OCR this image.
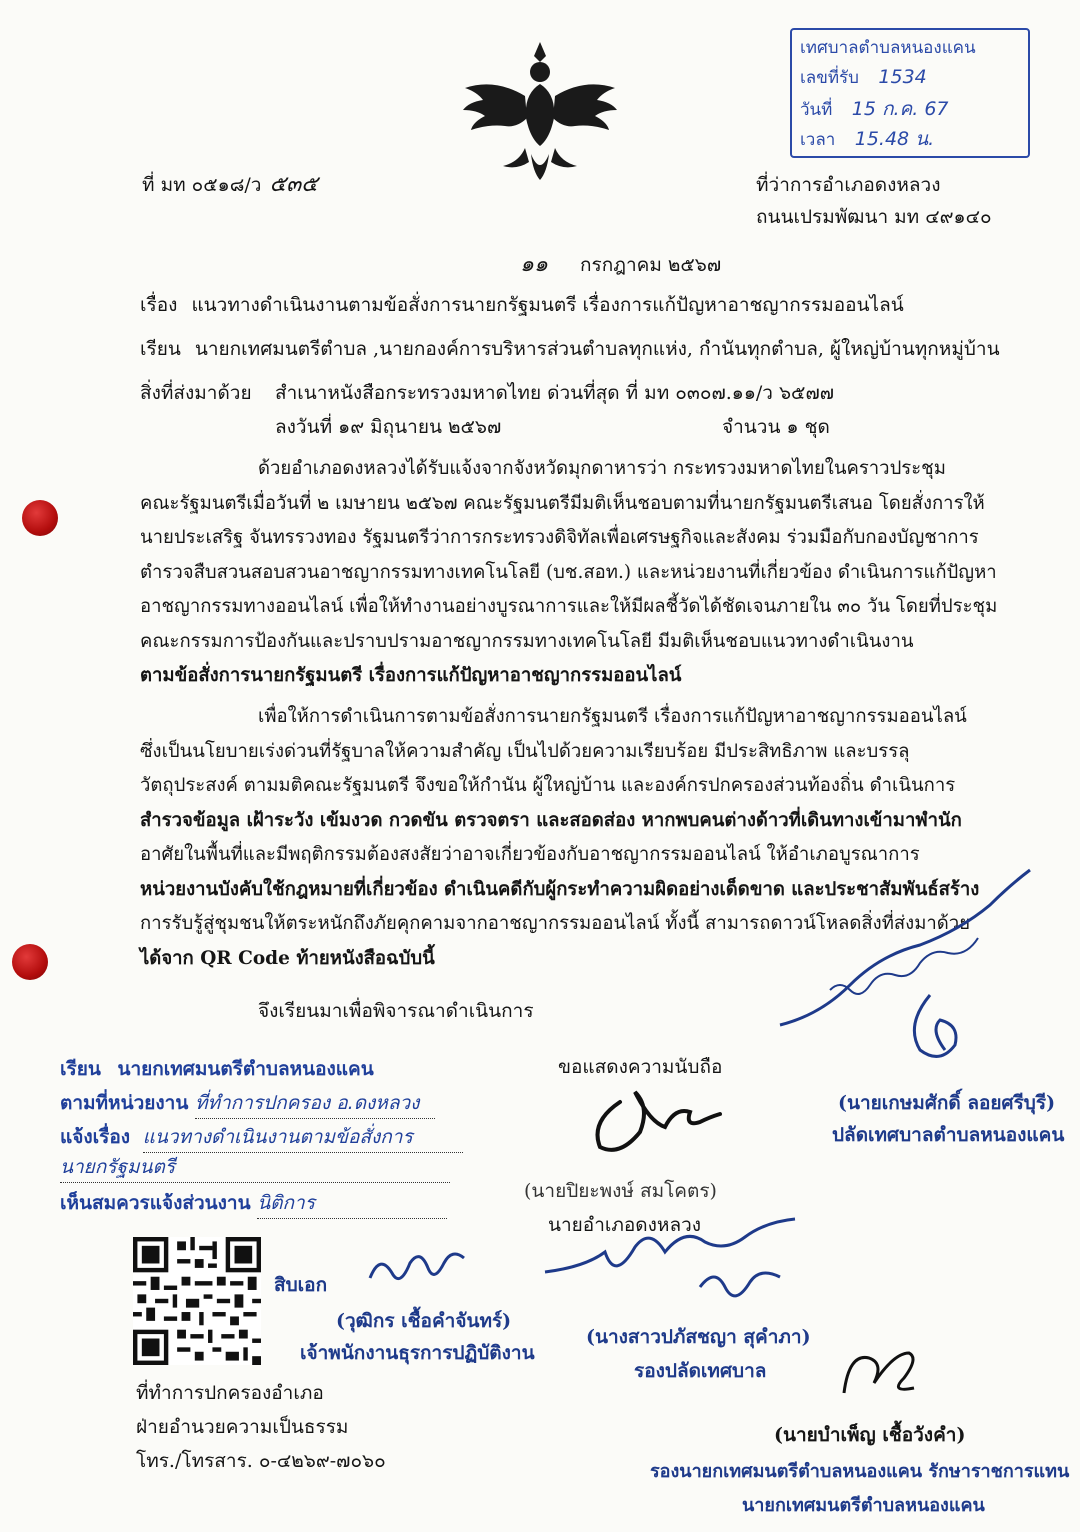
เทศบาลตำบลหนองแคน
เลขที่รับ 1534
วันที่ 15 ก.ค. 67
เวลา 15.48 น.
ที่ มท ๐๕๑๘/ว ๕๓๕	ที่ว่าการอำเภอดงหลวง
ถนนเปรมพัฒนา มท ๔๙๑๔๐
๑๑ กรกฎาคม ๒๕๖๗
เรื่อง แนวทางดำเนินงานตามข้อสั่งการนายกรัฐมนตรี เรื่องการแก้ปัญหาอาชญากรรมออนไลน์
เรียน นายกเทศมนตรีตำบล ,นายกองค์การบริหารส่วนตำบลทุกแห่ง, กำนันทุกตำบล, ผู้ใหญ่บ้านทุกหมู่บ้าน
สิ่งที่ส่งมาด้วย สำเนาหนังสือกระทรวงมหาดไทย ด่วนที่สุด ที่ มท ๐๓๐๗.๑๑/ว ๖๕๗๗
ลงวันที่ ๑๙ มิถุนายน ๒๕๖๗	จำนวน ๑ ชุด

ด้วยอำเภอดงหลวงได้รับแจ้งจากจังหวัดมุกดาหารว่า กระทรวงมหาดไทยในคราวประชุม

คณะรัฐมนตรีเมื่อวันที่ ๒ เมษายน ๒๕๖๗ คณะรัฐมนตรีมีมติเห็นชอบตามที่นายกรัฐมนตรีเสนอ โดยสั่งการให้

นายประเสริฐ จันทรรวงทอง รัฐมนตรีว่าการกระทรวงดิจิทัลเพื่อเศรษฐกิจและสังคม ร่วมมือกับกองบัญชาการ

ตำรวจสืบสวนสอบสวนอาชญากรรมทางเทคโนโลยี (บช.สอท.) และหน่วยงานที่เกี่ยวข้อง ดำเนินการแก้ปัญหา

อาชญากรรมทางออนไลน์ เพื่อให้ทำงานอย่างบูรณาการและให้มีผลชี้วัดได้ชัดเจนภายใน ๓๐ วัน โดยที่ประชุม

คณะกรรมการป้องกันและปราบปรามอาชญากรรมทางเทคโนโลยี มีมติเห็นชอบแนวทางดำเนินงาน

ตามข้อสั่งการนายกรัฐมนตรี เรื่องการแก้ปัญหาอาชญากรรมออนไลน์

เพื่อให้การดำเนินการตามข้อสั่งการนายกรัฐมนตรี เรื่องการแก้ปัญหาอาชญากรรมออนไลน์

ซึ่งเป็นนโยบายเร่งด่วนที่รัฐบาลให้ความสำคัญ เป็นไปด้วยความเรียบร้อย มีประสิทธิภาพ และบรรลุ

วัตถุประสงค์ ตามมติคณะรัฐมนตรี จึงขอให้กำนัน ผู้ใหญ่บ้าน และองค์กรปกครองส่วนท้องถิ่น ดำเนินการ

สำรวจข้อมูล เฝ้าระวัง เข้มงวด กวดขัน ตรวจตรา และสอดส่อง หากพบคนต่างด้าวที่เดินทางเข้ามาพำนัก

อาศัยในพื้นที่และมีพฤติกรรมต้องสงสัยว่าอาจเกี่ยวข้องกับอาชญากรรมออนไลน์ ให้อำเภอบูรณาการ

หน่วยงานบังคับใช้กฎหมายที่เกี่ยวข้อง ดำเนินคดีกับผู้กระทำความผิดอย่างเด็ดขาด และประชาสัมพันธ์สร้าง

การรับรู้สู่ชุมชนให้ตระหนักถึงภัยคุกคามจากอาชญากรรมออนไลน์ ทั้งนี้ สามารถดาวน์โหลดสิ่งที่ส่งมาด้วย

ได้จาก QR Code ท้ายหนังสือฉบับนี้

จึงเรียนมาเพื่อพิจารณาดำเนินการ
เรียน นายกเทศมนตรีตำบลหนองแคน
ตามที่หน่วยงาน ที่ทำการปกครอง อ.ดงหลวง
แจ้งเรื่อง แนวทางดำเนินงานตามข้อสั่งการ
นายกรัฐมนตรี
เห็นสมควรแจ้งส่วนงาน นิติการ
ขอแสดงความนับถือ
(นายปิยะพงษ์ สมโคตร)
นายอำเภอดงหลวง
(นายเกษมศักดิ์ ลอยศรีบุรี)
ปลัดเทศบาลตำบลหนองแคน
สิบเอก
(วุฒิกร เชื้อคำจันทร์)
เจ้าพนักงานธุรการปฏิบัติงาน
(นางสาวปภัสชญา สุคำภา)
รองปลัดเทศบาล
(นายบำเพ็ญ เชื้อวังคำ)
รองนายกเทศมนตรีตำบลหนองแคน รักษาราชการแทน
นายกเทศมนตรีตำบลหนองแคน
ที่ทำการปกครองอำเภอ
ฝ่ายอำนวยความเป็นธรรม
โทร./โทรสาร. ๐-๔๒๖๙-๗๐๖๐
